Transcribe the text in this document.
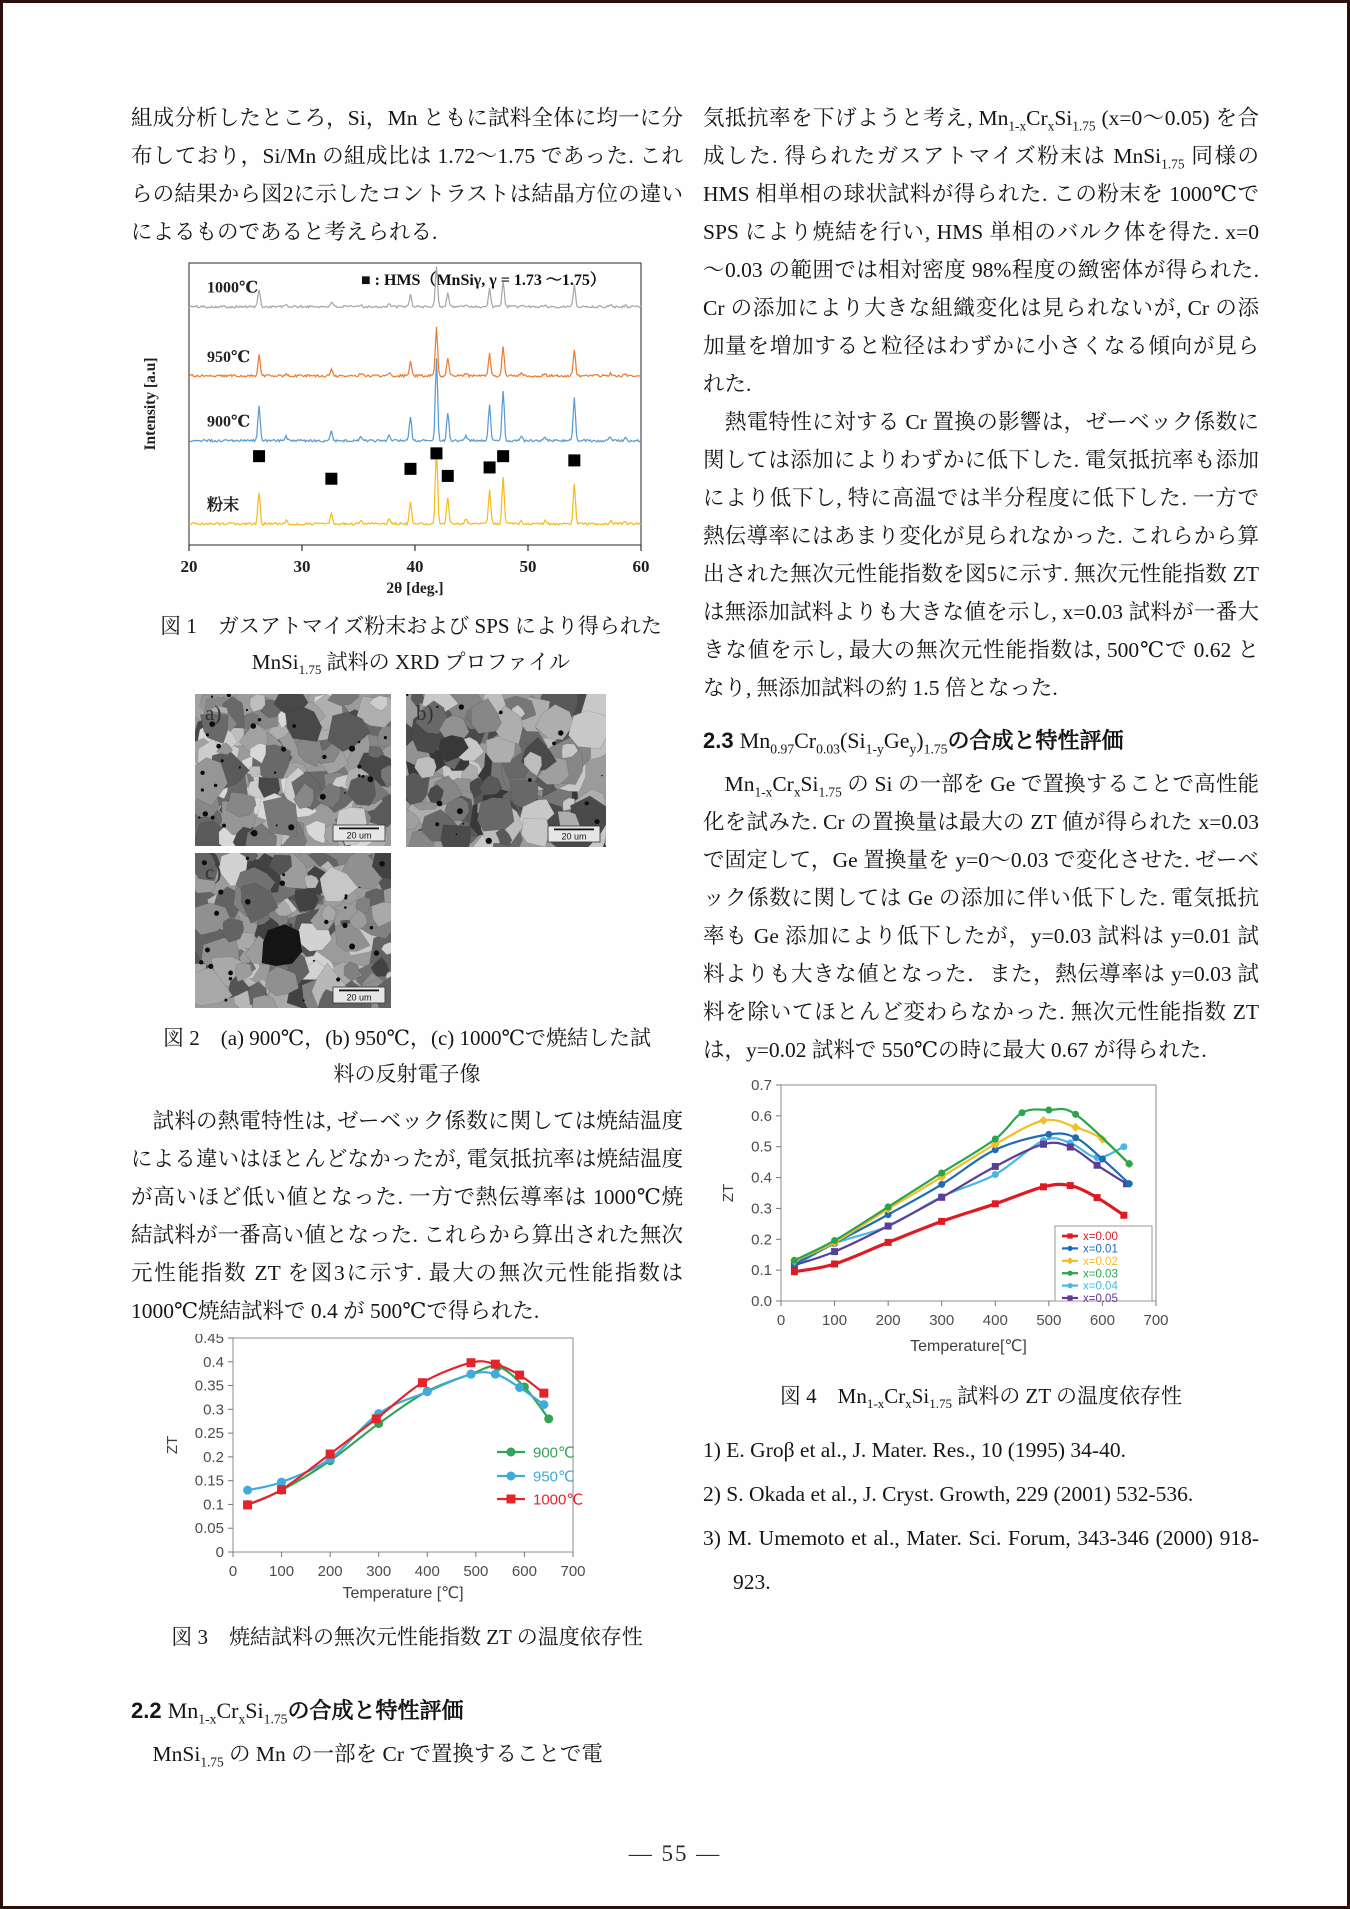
組成分析したところ，Si，Mn ともに試料全体に均一に分布しており，Si/Mn の組成比は 1.72～1.75 であった. これらの結果から図2に示したコントラストは結晶方位の違いによるものであると考えられる.

20	30	40	50	60
2θ [deg.]
Intensity [a.u]
■ : HMS（MnSiγ, γ = 1.73 ～1.75）
1000℃
950℃
900℃
粉末
図 1　ガスアトマイズ粉末および SPS により得られた MnSi$_{1.75}$ 試料の XRD プロファイル
a)
20 um
b)
20 um
c)
20 um
図 2　(a) 900℃，(b) 950℃，(c) 1000℃で焼結した試料の反射電子像

　試料の熱電特性は, ゼーベック係数に関しては焼結温度による違いはほとんどなかったが, 電気抵抗率は焼結温度が高いほど低い値となった. 一方で熱伝導率は 1000℃焼結試料が一番高い値となった. これらから算出された無次元性能指数 ZT を図3に示す. 最大の無次元性能指数は 1000℃焼結試料で 0.4 が 500℃で得られた.

0
0.05
0.1
0.15
0.2
0.25
0.3
0.35
0.4
0.45
0 100 200 300 400 500 600 700
Temperature [℃]
ZT	900℃
950℃
1000℃
図 3　焼結試料の無次元性能指数 ZT の温度依存性
2.2 $Mn_{1-x}Cr_xSi_{1.75}$の合成と特性評価

　MnSi$_{1.75}$ の Mn の一部を Cr で置換することで電

気抵抗率を下げようと考え, $Mn_{1-x}Cr_xSi_{1.75}$ (x=0～0.05) を合成した. 得られたガスアトマイズ粉末は MnSi$_{1.75}$ 同様の HMS 相単相の球状試料が得られた. この粉末を 1000℃で SPS により焼結を行い, HMS 単相のバルク体を得た. x=0～0.03 の範囲では相対密度 98%程度の緻密体が得られた. Cr の添加により大きな組織変化は見られないが, Cr の添加量を増加すると粒径はわずかに小さくなる傾向が見られた.

　熱電特性に対する Cr 置換の影響は，ゼーベック係数に関しては添加によりわずかに低下した. 電気抵抗率も添加により低下し, 特に高温では半分程度に低下した. 一方で熱伝導率にはあまり変化が見られなかった. これらから算出された無次元性能指数を図5に示す. 無次元性能指数 ZT は無添加試料よりも大きな値を示し, x=0.03 試料が一番大きな値を示し, 最大の無次元性能指数は, 500℃で 0.62 となり, 無添加試料の約 1.5 倍となった.

2.3 $Mn_{0.97}Cr_{0.03}(Si_{1-y}Ge_y)_{1.75}$の合成と特性評価

　$Mn_{1-x}Cr_xSi_{1.75}$ の Si の一部を Ge で置換することで高性能化を試みた. Cr の置換量は最大の ZT 値が得られた x=0.03 で固定して，Ge 置換量を y=0～0.03 で変化させた. ゼーベック係数に関しては Ge の添加に伴い低下した. 電気抵抗率も Ge 添加により低下したが，y=0.03 試料は y=0.01 試料よりも大きな値となった．また，熱伝導率は y=0.03 試料を除いてほとんど変わらなかった. 無次元性能指数 ZT は，y=0.02 試料で 550℃の時に最大 0.67 が得られた.

0.0
0.1
0.2
0.3
0.4
0.5
0.6
0.7
0 100 200 300 400 500 600 700
Temperature[℃]
ZT
x=0.00
x=0.01
x=0.02
x=0.03
x=0.04
x=0.05
図 4　$Mn_{1-x}Cr_xSi_{1.75}$ 試料の ZT の温度依存性
1) E. Groβ et al., J. Mater. Res., 10 (1995) 34-40.
2) S. Okada et al., J. Cryst. Growth, 229 (2001) 532-536.
3) M. Umemoto et al., Mater. Sci. Forum, 343-346 (2000) 918-923.
— 55 —
